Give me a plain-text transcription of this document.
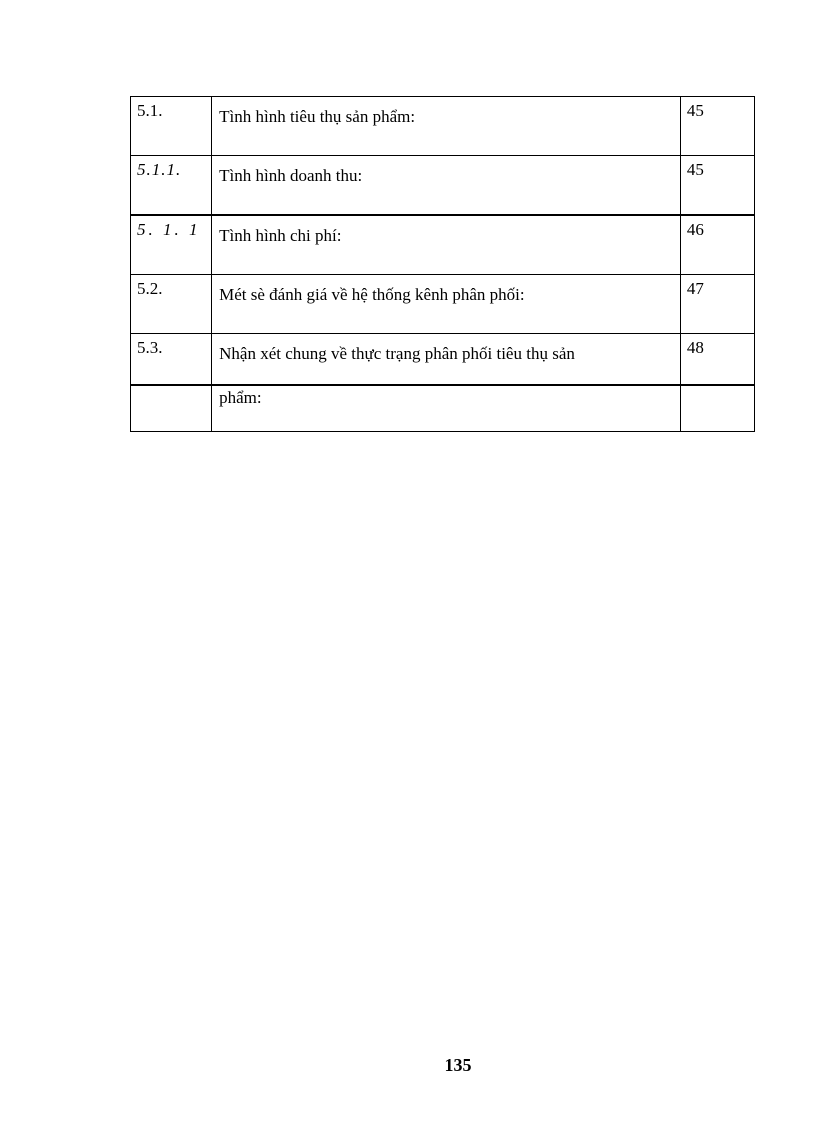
5.1.	Tình hình tiêu thụ sản phẩm:	45
5.1.1.	Tình hình doanh thu:	45
5. 1. 1	Tình hình chi phí:	46
5.2.	Mét sè đánh giá về hệ thống kênh phân phối:	47
5.3.	Nhận xét chung về thực trạng phân phối tiêu thụ sản	48
	phẩm:	
135
